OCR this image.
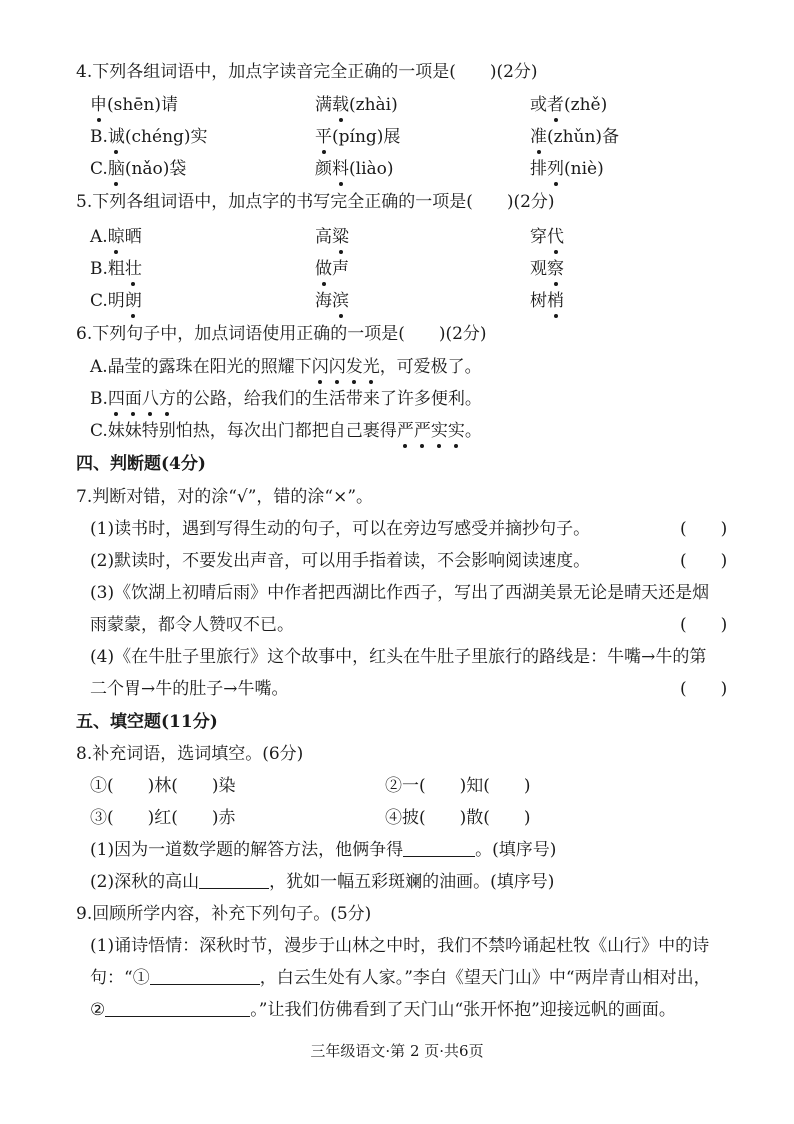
4.下列各组词语中，加点字读音完全正确的一项是(　　)(2分)
申(shēn)请	满载(zhài)	或者(zhě)
B.诚(chéng)实	平(píng)展	准(zhǔn)备
C.脑(nǎo)袋	颜料(liào)	排列(niè)
5.下列各组词语中，加点字的书写完全正确的一项是(　　)(2分)
A.晾晒	高粱	穿代
B.粗壮	做声	观察
C.明朗	海滨	树梢
6.下列句子中，加点词语使用正确的一项是(　　)(2分)
A.晶莹的露珠在阳光的照耀下闪闪发光，可爱极了。
B.四面八方的公路，给我们的生活带来了许多便利。
C.妹妹特别怕热，每次出门都把自己裹得严严实实。
四、判断题(4分)
7.判断对错，对的涂“√”，错的涂“×”。
(1)读书时，遇到写得生动的句子，可以在旁边写感受并摘抄句子。	(　　)
(2)默读时，不要发出声音，可以用手指着读，不会影响阅读速度。	(　　)
(3)《饮湖上初晴后雨》中作者把西湖比作西子，写出了西湖美景无论是晴天还是烟
雨蒙蒙，都令人赞叹不已。	(　　)
(4)《在牛肚子里旅行》这个故事中，红头在牛肚子里旅行的路线是：牛嘴→牛的第
二个胃→牛的肚子→牛嘴。	(　　)
五、填空题(11分)
8.补充词语，选词填空。(6分)
①(　　)林(　　)染	②一(　　)知(　　)
③(　　)红(　　)赤	④披(　　)散(　　)
(1)因为一道数学题的解答方法，他俩争得	。(填序号)
(2)深秋的高山	，犹如一幅五彩斑斓的油画。(填序号)
9.回顾所学内容，补充下列句子。(5分)
(1)诵诗悟情：深秋时节，漫步于山林之中时，我们不禁吟诵起杜牧《山行》中的诗
句：“①	，白云生处有人家。”李白《望天门山》中“两岸青山相对出，
②	。”让我们仿佛看到了天门山“张开怀抱”迎接远帆的画面。
三年级语文·第 2 页·共6页
